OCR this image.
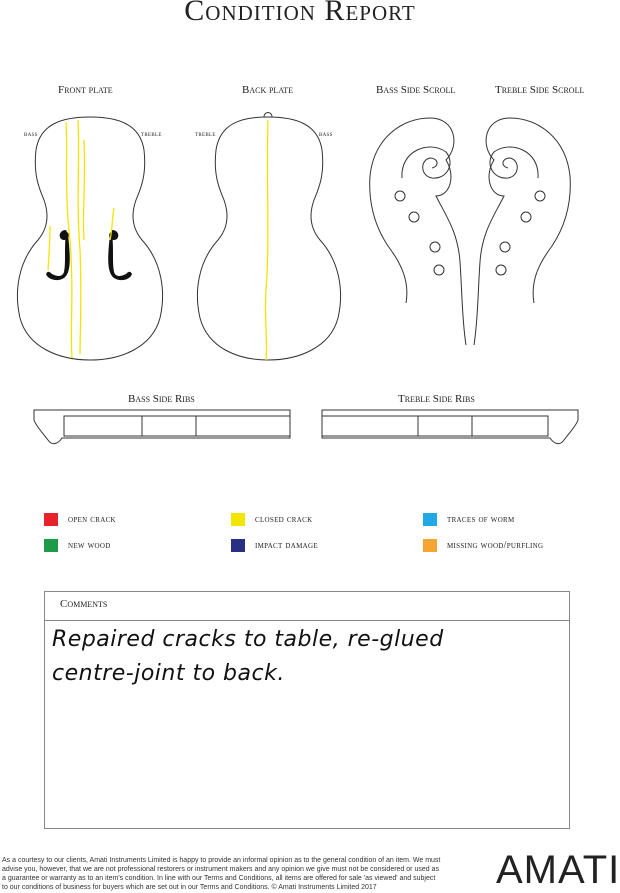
Condition Report
Front plate	Back plate	Bass Side Scroll	Treble Side Scroll
bass	treble	treble	bass
Bass Side Ribs	Treble Side Ribs
open crack	closed crack	traces of worm
new wood	impact damage	missing wood/purfling
Comments
Repaired cracks to table, re-glued
centre-joint to back.
As a courtesy to our clients, Amati Instruments Limited is happy to provide an informal opinion as to the general condition of an item. We must advise you, however, that we are not professional restorers or instrument makers and any opinion we give must not be considered or used as a guarantee or warranty as to an item's condition. In line with our Terms and Conditions, all items are offered for sale 'as viewed' and subject to our conditions of business for buyers which are set out in our Terms and Conditions. © Amati Instruments Limited 2017	AMATI
